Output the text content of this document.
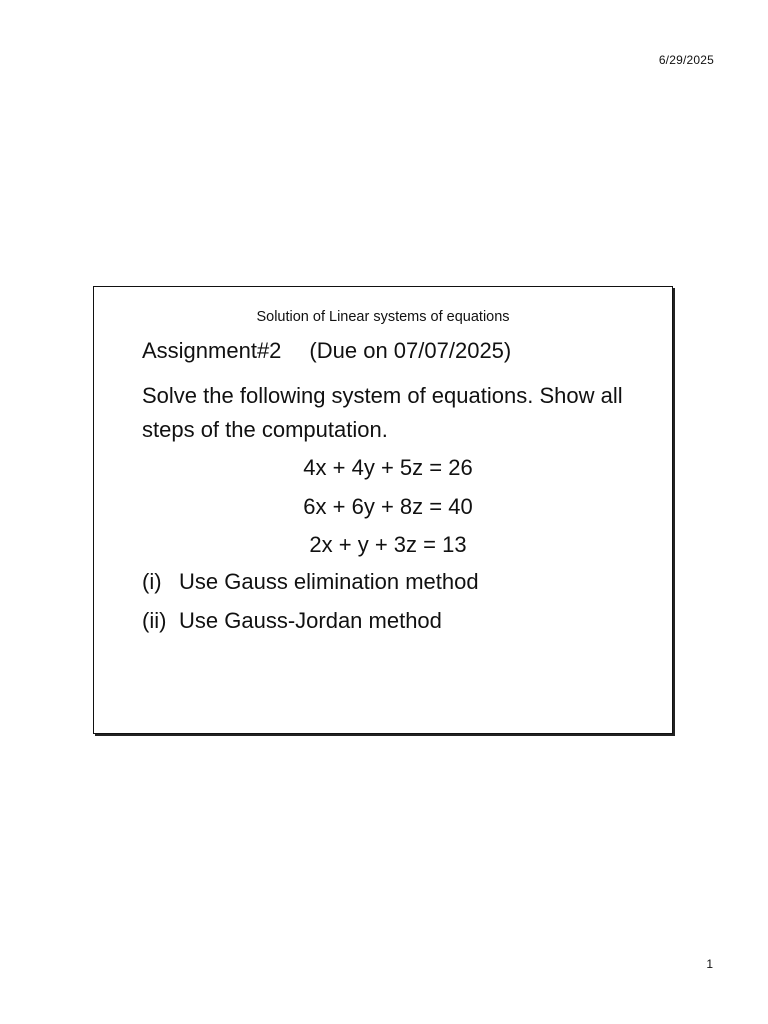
6/29/2025
Solution of Linear systems of equations
Assignment#2 (Due on 07/07/2025)
Solve the following system of equations. Show all steps of the computation.
4x + 4y + 5z = 26
6x + 6y + 8z = 40
2x + y + 3z = 13
(i) Use Gauss elimination method
(ii) Use Gauss-Jordan method
1
